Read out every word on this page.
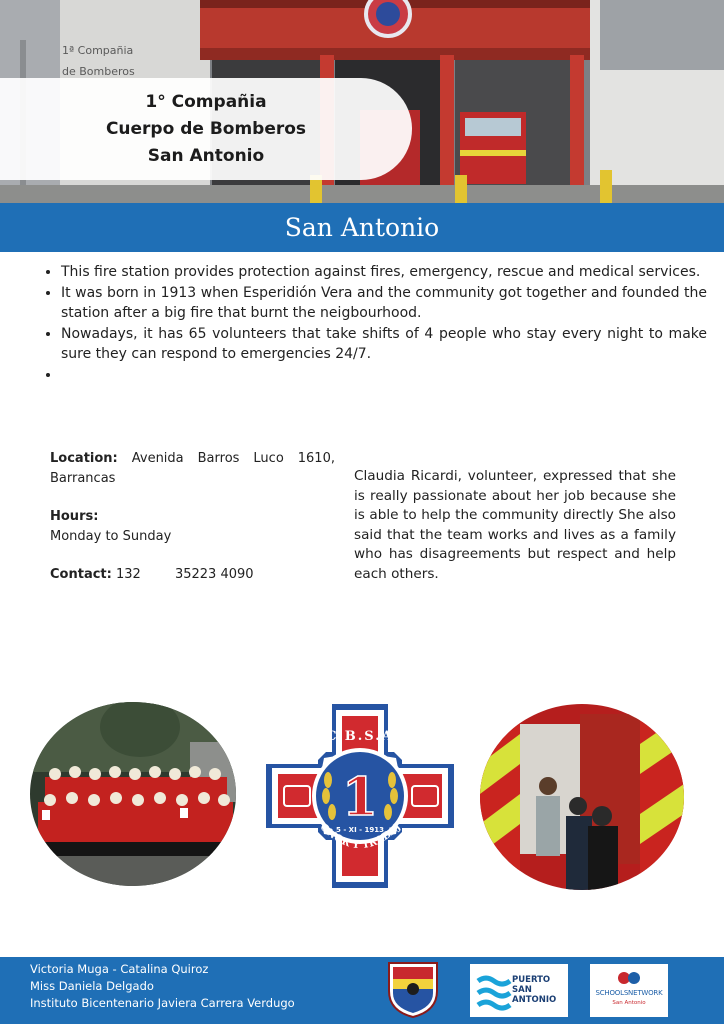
1ª Compañia
de Bomberos
1° Compañia
Cuerpo de Bomberos
San Antonio
San Antonio
• This fire station provides protection against fires, emergency, rescue and medical services.
• It was born in 1913 when Esperidión Vera and the community got together and founded the station after a big fire that burnt the neigbourhood.
• Nowadays, it has 65 volunteers that take shifts of 4 people who stay every night to make sure they can respond to emergencies 24/7.
•
Location: Avenida Barros Luco 1610, Barrancas
Hours:
Monday to Sunday
Contact: 132	35223 4090
Claudia Ricardi, volunteer, expressed that she is really passionate about her job because she is able to help the community directly She also said that the team works and lives as a family who has disagreements but respect and help each others.
1
C.B.S.A
5 - XI - 1913
ONOR Y TRABAJ
Victoria Muga - Catalina Quiroz
Miss Daniela Delgado
Instituto Bicentenario Javiera Carrera Verdugo
PUERTO
SAN
ANTONIO
SCHOOLSNETWORK
San Antonio
